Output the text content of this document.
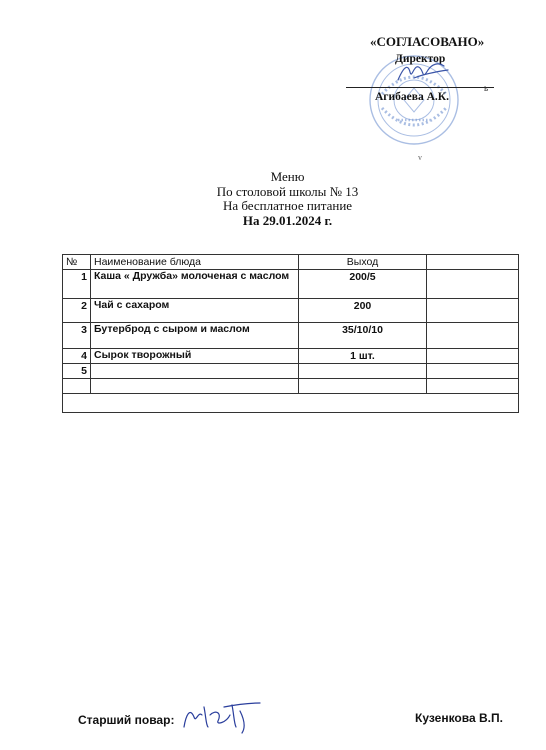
«СОГЛАСОВАНО»
Директор
Агибаева А.К.
ь
v
Меню
По столовой школы № 13
На бесплатное питание
На 29.01.2024 г.
№	Наименование блюда	Выход	
1	Каша « Дружба» молоченая с маслом	200/5	
2	Чай с сахаром	200	
3	Бутерброд с сыром и маслом	35/10/10	
4	Сырок творожный	1 шт.	
5			

Старший повар:	Кузенкова В.П.
